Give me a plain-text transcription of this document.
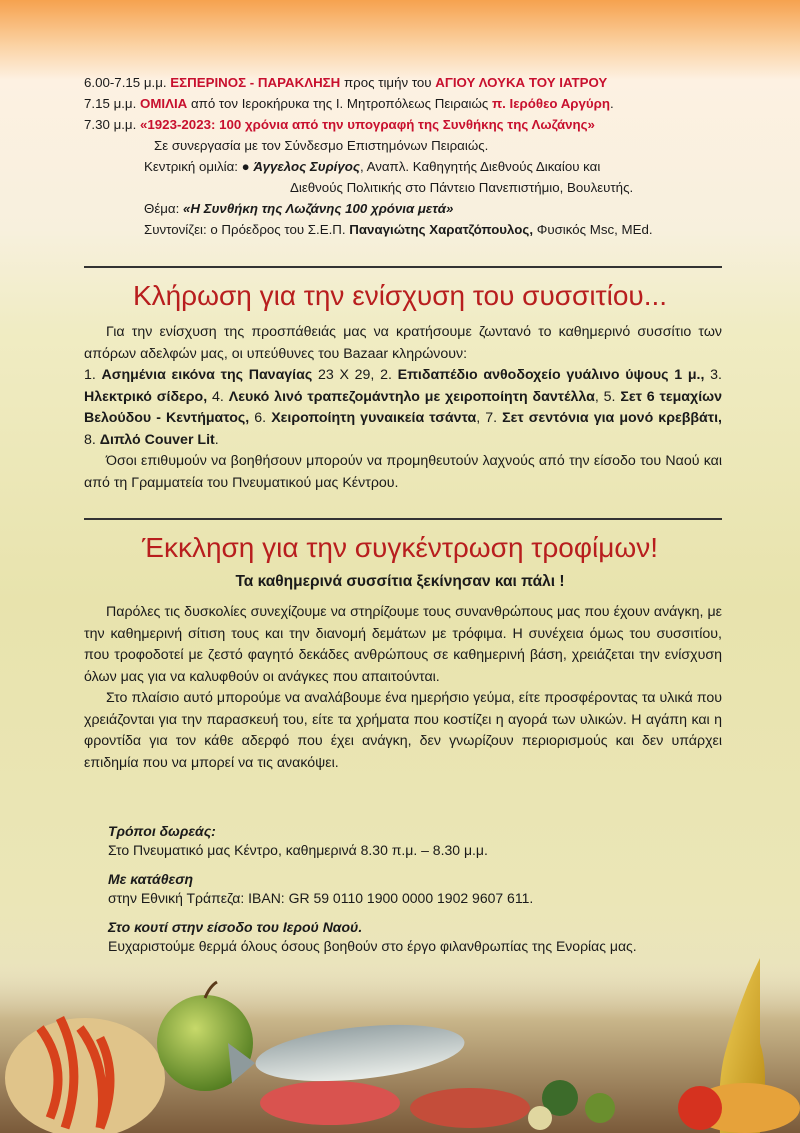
6.00-7.15 μ.μ. ΕΣΠΕΡΙΝΟΣ - ΠΑΡΑΚΛΗΣΗ προς τιμήν του ΑΓΙΟΥ ΛΟΥΚΑ ΤΟΥ ΙΑΤΡΟΥ
7.15 μ.μ. ΟΜΙΛΙΑ από τον Ιεροκήρυκα της Ι. Μητροπόλεως Πειραιώς π. Ιερόθεο Αργύρη.
7.30 μ.μ. «1923-2023: 100 χρόνια από την υπογραφή της Συνθήκης της Λωζάνης»
Σε συνεργασία με τον Σύνδεσμο Επιστημόνων Πειραιώς.
Κεντρική ομιλία: ● Άγγελος Συρίγος, Αναπλ. Καθηγητής Διεθνούς Δικαίου και
Διεθνούς Πολιτικής στο Πάντειο Πανεπιστήμιο, Βουλευτής.
Θέμα: «Η Συνθήκη της Λωζάνης 100 χρόνια μετά»
Συντονίζει: ο Πρόεδρος του Σ.Ε.Π. Παναγιώτης Χαρατζόπουλος, Φυσικός Msc, MEd.
Κλήρωση για την ενίσχυση του συσσιτίου...

Για την ενίσχυση της προσπάθειάς μας να κρατήσουμε ζωντανό το καθημερινό συσσίτιο των απόρων αδελφών μας, οι υπεύθυνες του Bazaar κληρώνουν:

1. Ασημένια εικόνα της Παναγίας 23 Χ 29, 2. Επιδαπέδιο ανθοδοχείο γυάλινο ύψους 1 μ., 3. Ηλεκτρικό σίδερο, 4. Λευκό λινό τραπεζομάντηλο με χειροποίητη δαντέλλα, 5. Σετ 6 τεμαχίων Βελούδου - Κεντήματος, 6. Χειροποίητη γυναικεία τσάντα, 7. Σετ σεντόνια για μονό κρεββάτι, 8. Διπλό Couver Lit.

Όσοι επιθυμούν να βοηθήσουν μπορούν να προμηθευτούν λαχνούς από την είσοδο του Ναού και από τη Γραμματεία του Πνευματικού μας Κέντρου.

Έκκληση για την συγκέντρωση τροφίμων!
Τα καθημερινά συσσίτια ξεκίνησαν και πάλι !

Παρόλες τις δυσκολίες συνεχίζουμε να στηρίζουμε τους συνανθρώπους μας που έχουν ανάγκη, με την καθημερινή σίτιση τους και την διανομή δεμάτων με τρόφιμα. Η συνέχεια όμως του συσσιτίου, που τροφοδοτεί με ζεστό φαγητό δεκάδες ανθρώπους σε καθημερινή βάση, χρειάζεται την ενίσχυση όλων μας για να καλυφθούν οι ανάγκες που απαιτούνται.

Στο πλαίσιο αυτό μπορούμε να αναλάβουμε ένα ημερήσιο γεύμα, είτε προσφέροντας τα υλικά που χρειάζονται για την παρασκευή του, είτε τα χρήματα που κοστίζει η αγορά των υλικών. Η αγάπη και η φροντίδα για τον κάθε αδερφό που έχει ανάγκη, δεν γνωρίζουν περιορισμούς και δεν υπάρχει επιδημία που να μπορεί να τις ανακόψει.

Τρόποι δωρεάς:
Στο Πνευματικό μας Κέντρο, καθημερινά 8.30 π.μ. – 8.30 μ.μ.
Με κατάθεση
στην Εθνική Τράπεζα: IBAN: GR 59 0110 1900 0000 1902 9607 611.
Στο κουτί στην είσοδο του Ιερού Ναού.
Ευχαριστούμε θερμά όλους όσους βοηθούν στο έργο φιλανθρωπίας της Ενορίας μας.
